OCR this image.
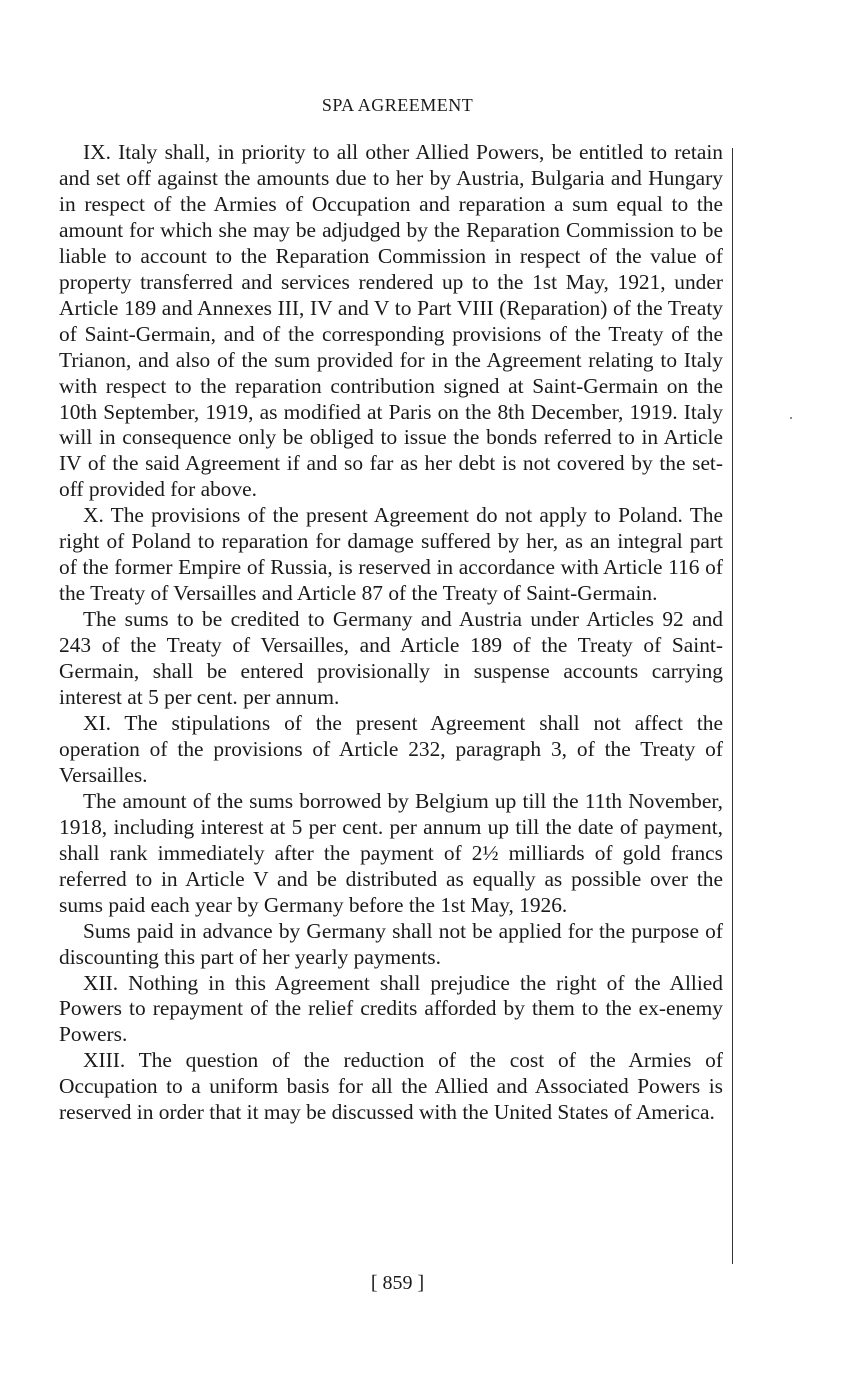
SPA AGREEMENT

IX. Italy shall, in priority to all other Allied Powers, be entitled to retain and set off against the amounts due to her by Austria, Bulgaria and Hungary in respect of the Armies of Occupation and reparation a sum equal to the amount for which she may be adjudged by the Reparation Commission to be liable to account to the Reparation Commission in respect of the value of property transferred and services rendered up to the 1st May, 1921, under Article 189 and Annexes III, IV and V to Part VIII (Reparation) of the Treaty of Saint-Germain, and of the corresponding provisions of the Treaty of the Trianon, and also of the sum provided for in the Agreement relating to Italy with respect to the reparation contribution signed at Saint-Germain on the 10th September, 1919, as modified at Paris on the 8th December, 1919. Italy will in consequence only be obliged to issue the bonds referred to in Article IV of the said Agreement if and so far as her debt is not covered by the set-off provided for above.

X. The provisions of the present Agreement do not apply to Poland. The right of Poland to reparation for damage suffered by her, as an integral part of the former Empire of Russia, is reserved in accordance with Article 116 of the Treaty of Versailles and Article 87 of the Treaty of Saint-Germain.

The sums to be credited to Germany and Austria under Articles 92 and 243 of the Treaty of Versailles, and Article 189 of the Treaty of Saint-Germain, shall be entered provisionally in suspense accounts carrying interest at 5 per cent. per annum.

XI. The stipulations of the present Agreement shall not affect the operation of the provisions of Article 232, paragraph 3, of the Treaty of Versailles.

The amount of the sums borrowed by Belgium up till the 11th November, 1918, including interest at 5 per cent. per annum up till the date of payment, shall rank immediately after the payment of 2½ milliards of gold francs referred to in Article V and be distributed as equally as possible over the sums paid each year by Germany before the 1st May, 1926.

Sums paid in advance by Germany shall not be applied for the purpose of discounting this part of her yearly payments.

XII. Nothing in this Agreement shall prejudice the right of the Allied Powers to repayment of the relief credits afforded by them to the ex-enemy Powers.

XIII. The question of the reduction of the cost of the Armies of Occupation to a uniform basis for all the Allied and Associated Powers is reserved in order that it may be discussed with the United States of America.

[ 859 ]
